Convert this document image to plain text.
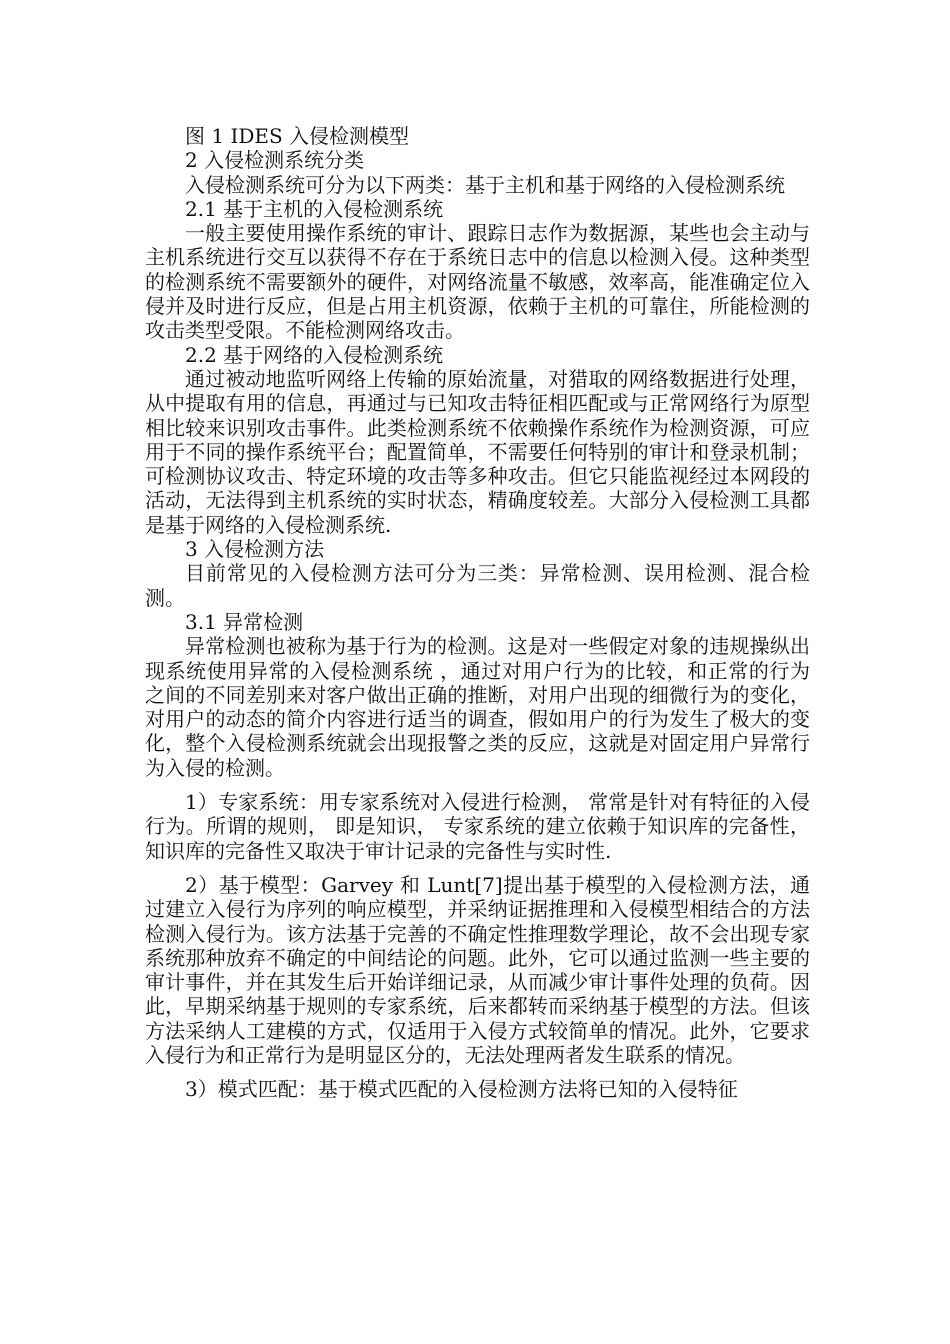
图 1 IDES 入侵检测模型

2 入侵检测系统分类

入侵检测系统可分为以下两类：基于主机和基于网络的入侵检测系统

2.1 基于主机的入侵检测系统

一般主要使用操作系统的审计、跟踪日志作为数据源，某些也会主动与主机系统进行交互以获得不存在于系统日志中的信息以检测入侵。这种类型的检测系统不需要额外的硬件，对网络流量不敏感，效率高，能准确定位入侵并及时进行反应，但是占用主机资源，依赖于主机的可靠住，所能检测的攻击类型受限。不能检测网络攻击。

2.2 基于网络的入侵检测系统

通过被动地监听网络上传输的原始流量，对猎取的网络数据进行处理，从中提取有用的信息，再通过与已知攻击特征相匹配或与正常网络行为原型相比较来识别攻击事件。此类检测系统不依赖操作系统作为检测资源，可应用于不同的操作系统平台；配置简单，不需要任何特别的审计和登录机制；可检测协议攻击、特定环境的攻击等多种攻击。但它只能监视经过本网段的活动，无法得到主机系统的实时状态，精确度较差。大部分入侵检测工具都是基于网络的入侵检测系统.

3 入侵检测方法

目前常见的入侵检测方法可分为三类：异常检测、误用检测、混合检测。

3.1 异常检测

异常检测也被称为基于行为的检测。这是对一些假定对象的违规操纵出现系统使用异常的入侵检测系统 ，通过对用户行为的比较，和正常的行为之间的不同差别来对客户做出正确的推断，对用户出现的细微行为的变化，对用户的动态的简介内容进行适当的调查，假如用户的行为发生了极大的变化，整个入侵检测系统就会出现报警之类的反应，这就是对固定用户异常行为入侵的检测。

1）专家系统：用专家系统对入侵进行检测， 常常是针对有特征的入侵行为。所谓的规则， 即是知识， 专家系统的建立依赖于知识库的完备性， 知识库的完备性又取决于审计记录的完备性与实时性.

2）基于模型：Garvey 和 Lunt[7]提出基于模型的入侵检测方法，通过建立入侵行为序列的响应模型，并采纳证据推理和入侵模型相结合的方法检测入侵行为。该方法基于完善的不确定性推理数学理论，故不会出现专家系统那种放弃不确定的中间结论的问题。此外，它可以通过监测一些主要的审计事件，并在其发生后开始详细记录，从而减少审计事件处理的负荷。因此，早期采纳基于规则的专家系统，后来都转而采纳基于模型的方法。但该方法采纳人工建模的方式，仅适用于入侵方式较简单的情况。此外，它要求入侵行为和正常行为是明显区分的，无法处理两者发生联系的情况。

3）模式匹配：基于模式匹配的入侵检测方法将已知的入侵特征
